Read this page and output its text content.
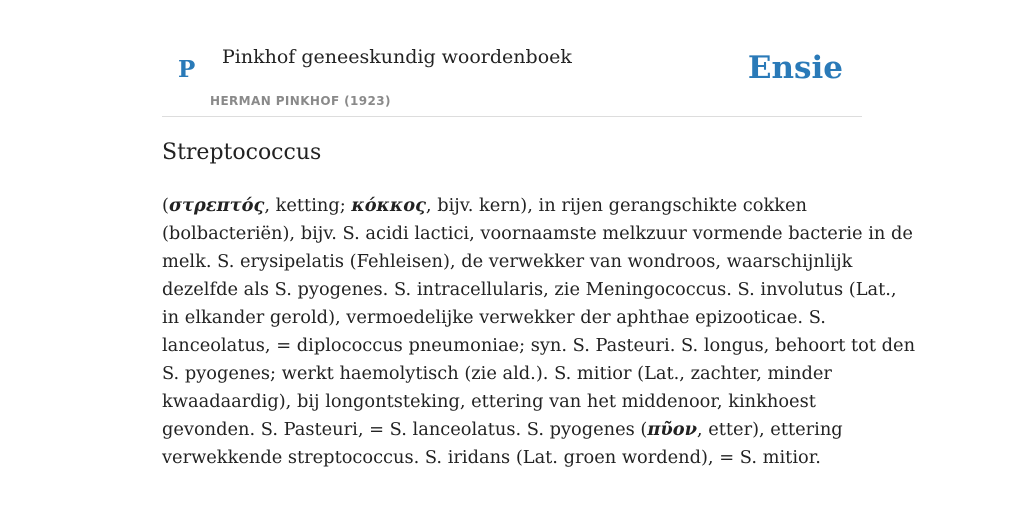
P Pinkhof geneeskundig woordenboek
HERMAN PINKHOF (1923)
Ensie
Streptococcus
(στρεπτός, ketting; κόκκος, bijv. kern), in rijen gerangschikte cokken
(bolbacteriën), bijv. S. acidi lactici, voornaamste melkzuur vormende bacterie in de
melk. S. erysipelatis (Fehleisen), de verwekker van wondroos, waarschijnlijk
dezelfde als S. pyogenes. S. intracellularis, zie Meningococcus. S. involutus (Lat.,
in elkander gerold), vermoedelijke verwekker der aphthae epizooticae. S.
lanceolatus, = diplococcus pneumoniae; syn. S. Pasteuri. S. longus, behoort tot den
S. pyogenes; werkt haemolytisch (zie ald.). S. mitior (Lat., zachter, minder
kwaadaardig), bij longontsteking, ettering van het middenoor, kinkhoest
gevonden. S. Pasteuri, = S. lanceolatus. S. pyogenes (πῦον, etter), ettering
verwekkende streptococcus. S. iridans (Lat. groen wordend), = S. mitior.
